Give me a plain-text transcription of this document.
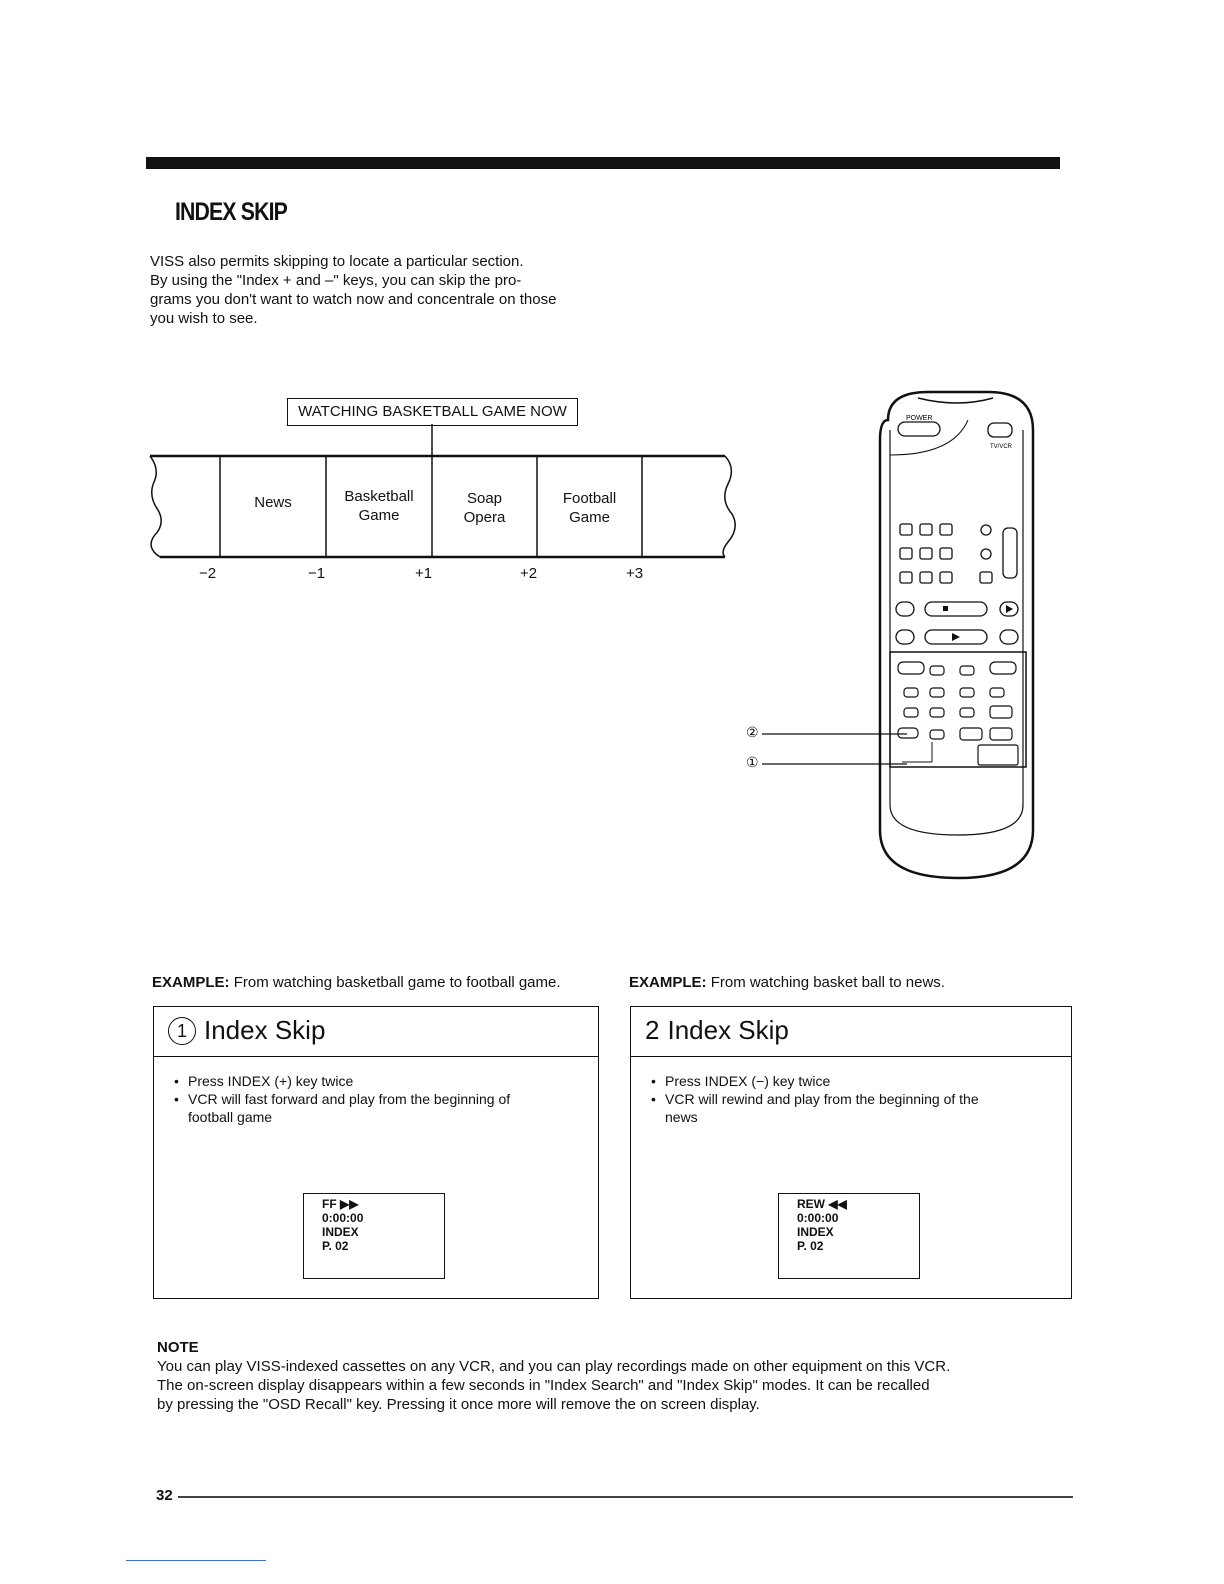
INDEX SKIP
VISS also permits skipping to locate a particular section.
By using the "Index + and –" keys, you can skip the pro-
grams you don't want to watch now and concentrale on those
you wish to see.
WATCHING BASKETBALL GAME NOW
News	Basketball
Game
Soap
Opera
Football
Game
−2	−1	+1	+2	+3
POWER
TV/VCR
②
①
EXAMPLE: From watching basketball game to football game.
1 Index Skip
• Press INDEX (+) key twice
• VCR will fast forward and play from the beginning of
football game
FF ▶▶
0:00:00
INDEX
P. 02
EXAMPLE: From watching basket ball to news.
2 Index Skip
• Press INDEX (−) key twice
• VCR will rewind and play from the beginning of the
news
REW ◀◀
0:00:00
INDEX
P. 02
NOTE
You can play VISS-indexed cassettes on any VCR, and you can play recordings made on other equipment on this VCR.
The on-screen display disappears within a few seconds in "Index Search" and "Index Skip" modes. It can be recalled
by pressing the "OSD Recall" key. Pressing it once more will remove the on screen display.
32
